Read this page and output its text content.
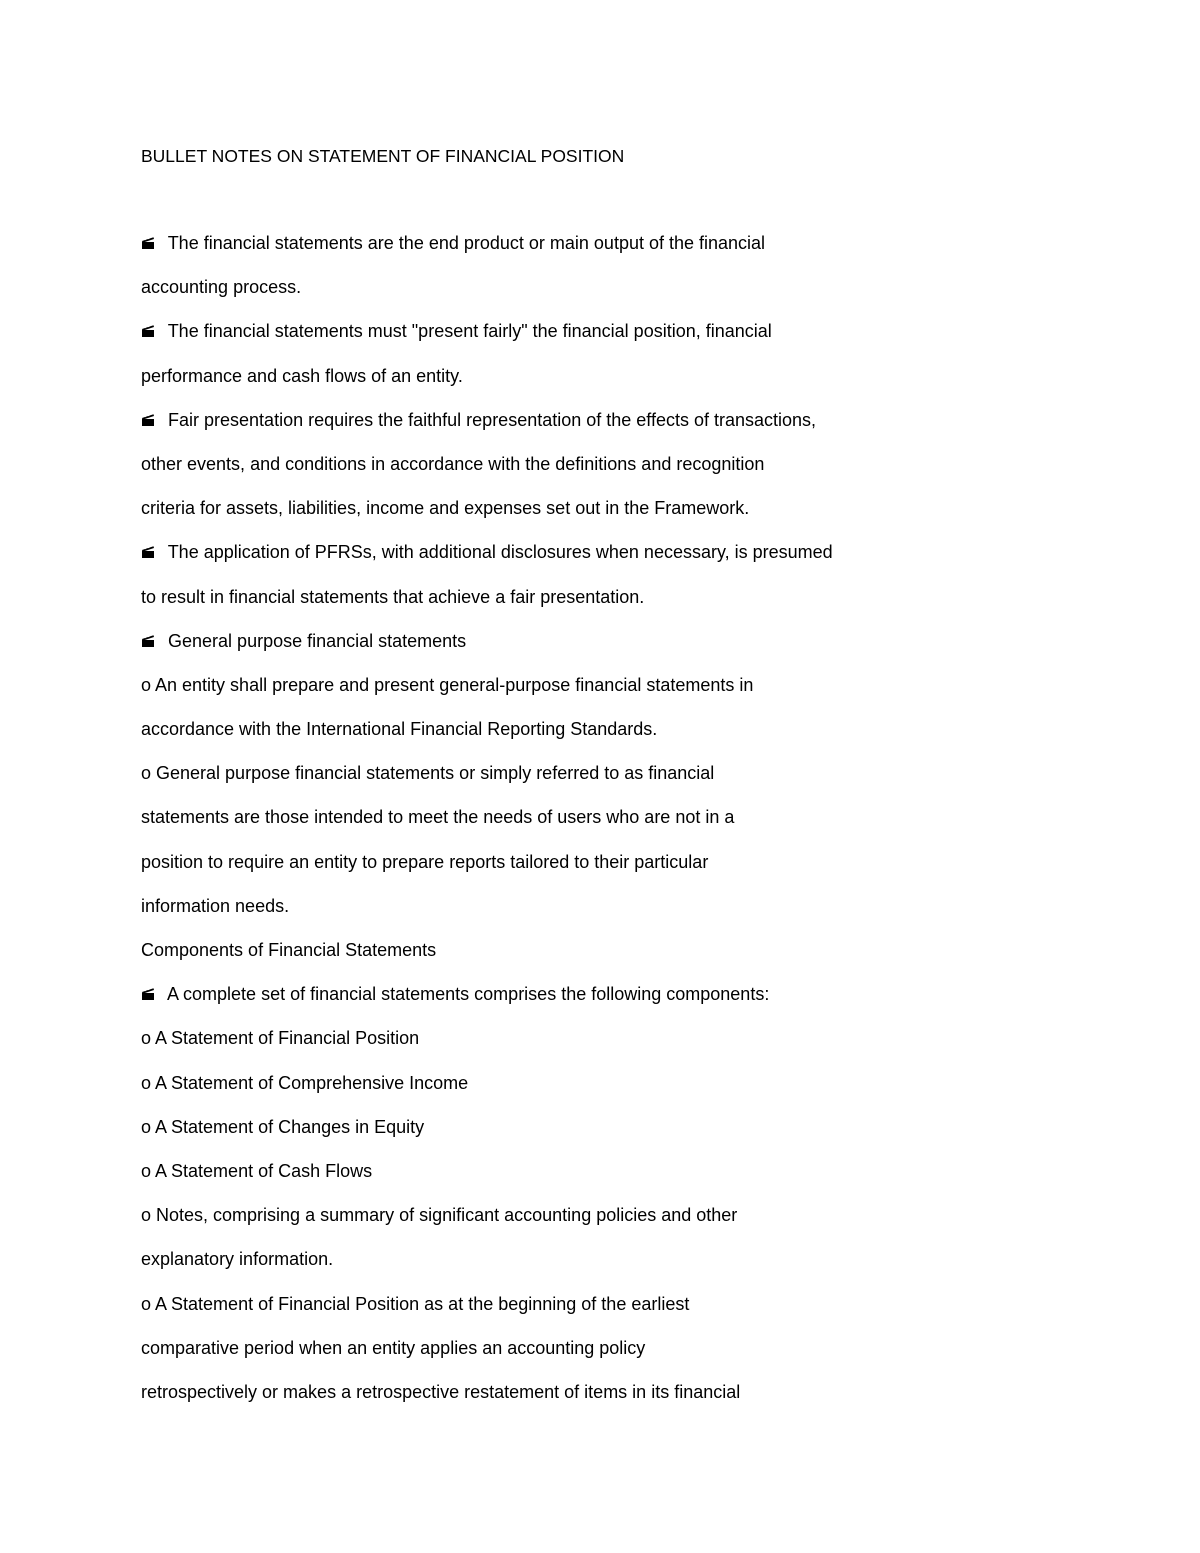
BULLET NOTES ON STATEMENT OF FINANCIAL POSITION
The financial statements are the end product or main output of the financial
accounting process.
The financial statements must "present fairly" the financial position, financial
performance and cash flows of an entity.
Fair presentation requires the faithful representation of the effects of transactions,
other events, and conditions in accordance with the definitions and recognition
criteria for assets, liabilities, income and expenses set out in the Framework.
The application of PFRSs, with additional disclosures when necessary, is presumed
to result in financial statements that achieve a fair presentation.
General purpose financial statements
o An entity shall prepare and present general-purpose financial statements in
accordance with the International Financial Reporting Standards.
o General purpose financial statements or simply referred to as financial
statements are those intended to meet the needs of users who are not in a
position to require an entity to prepare reports tailored to their particular
information needs.
Components of Financial Statements
A complete set of financial statements comprises the following components:
o A Statement of Financial Position
o A Statement of Comprehensive Income
o A Statement of Changes in Equity
o A Statement of Cash Flows
o Notes, comprising a summary of significant accounting policies and other
explanatory information.
o A Statement of Financial Position as at the beginning of the earliest
comparative period when an entity applies an accounting policy
retrospectively or makes a retrospective restatement of items in its financial
